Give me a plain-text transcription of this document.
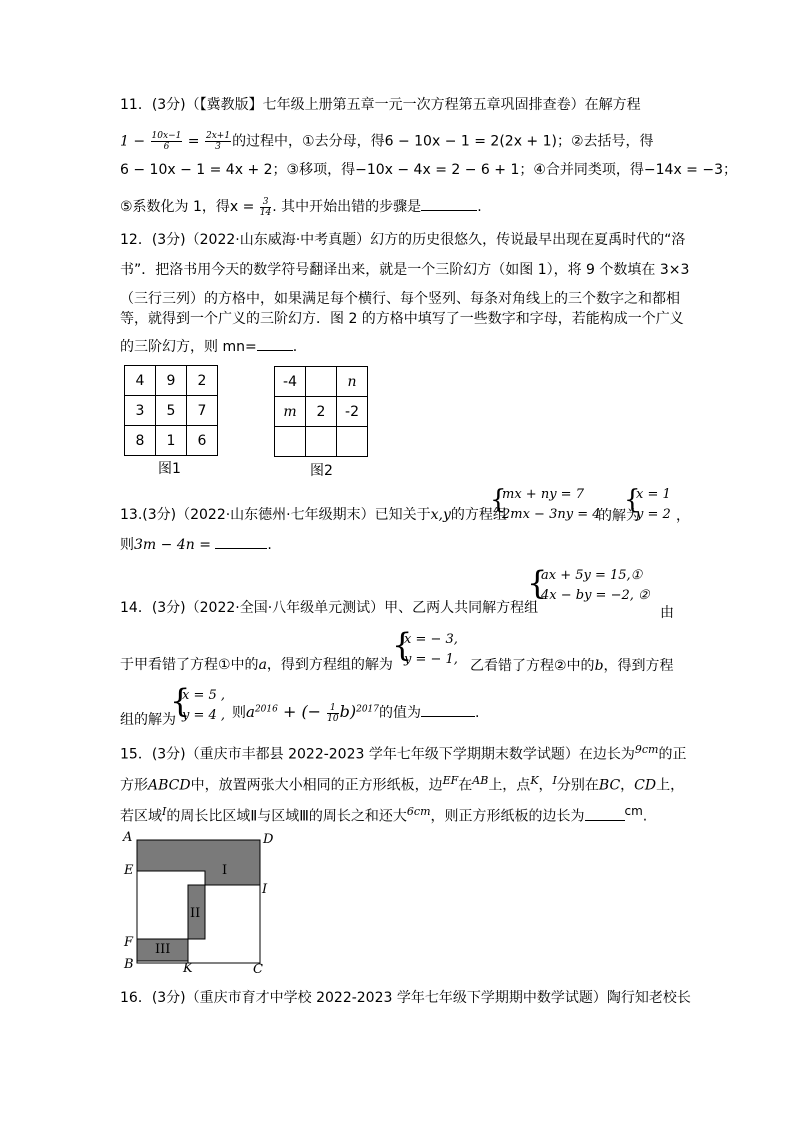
11．(3分)（【冀教版】七年级上册第五章一元一次方程第五章巩固排查卷）在解方程
$1 - \frac{10x-1}{6} = \frac{2x+1}{3}$ 的过程中，①去分母，得6 − 10x − 1 = 2(2x + 1)；②去括号，得
6 − 10x − 1 = 4x + 2；③移项，得−10x − 4x = 2 − 6 + 1；④合并同类项，得−14x = −3；
⑤系数化为 1，得$x = \frac{3}{14}$ . 其中开始出错的步骤是	.
12．(3分)（2022·山东威海·中考真题）幻方的历史很悠久，传说最早出现在夏禹时代的“洛
书”．把洛书用今天的数学符号翻译出来，就是一个三阶幻方（如图 1），将 9 个数填在 3×3
（三行三列）的方格中，如果满足每个横行、每个竖列、每条对角线上的三个数字之和都相
等，就得到一个广义的三阶幻方．图 2 的方格中填写了一些数字和字母，若能构成一个广义
的三阶幻方，则 mn=	.
4	9	2
3	5	7
8	1	6
图1
-4		n
m	2	-2

图2
13.(3分)（2022·山东德州·七年级期末）已知关于x,y的方程组
{
mx + ny = 7
2mx − 3ny = 4
的解为
{
x = 1
y = 2 ，
则3m − 4n =	.
14．(3分)（2022·全国·八年级单元测试）甲、乙两人共同解方程组
{
ax + 5y = 15,①
4x − by = −2, ②
由
{
x = − 3,
y = − 1,
于甲看错了方程①中的a，得到方程组的解为	乙看错了方程②中的b，得到方程
{
x = 5 ,
y = 4 ,
组的解为	则$a^{2016}$ + (− $\frac{1}{10} b)^{2017}$的值为	.
15．(3分)（重庆市丰都县 2022-2023 学年七年级下学期期末数学试题）在边长为$^{9cm}$的正
方形ABCD中，放置两张大小相同的正方形纸板，边$^{EF}$在$^{AB}$上，点$^K$，$^I$分别在BC，CD上，
若区域$^I$的周长比区域Ⅱ与区域Ⅲ的周长之和还大$^{6cm}$，则正方形纸板的边长为	$^{cm}$.
A	D
E
I
F
B	K	C
I
II
III
16．(3分)（重庆市育才中学校 2022-2023 学年七年级下学期期中数学试题）陶行知老校长
